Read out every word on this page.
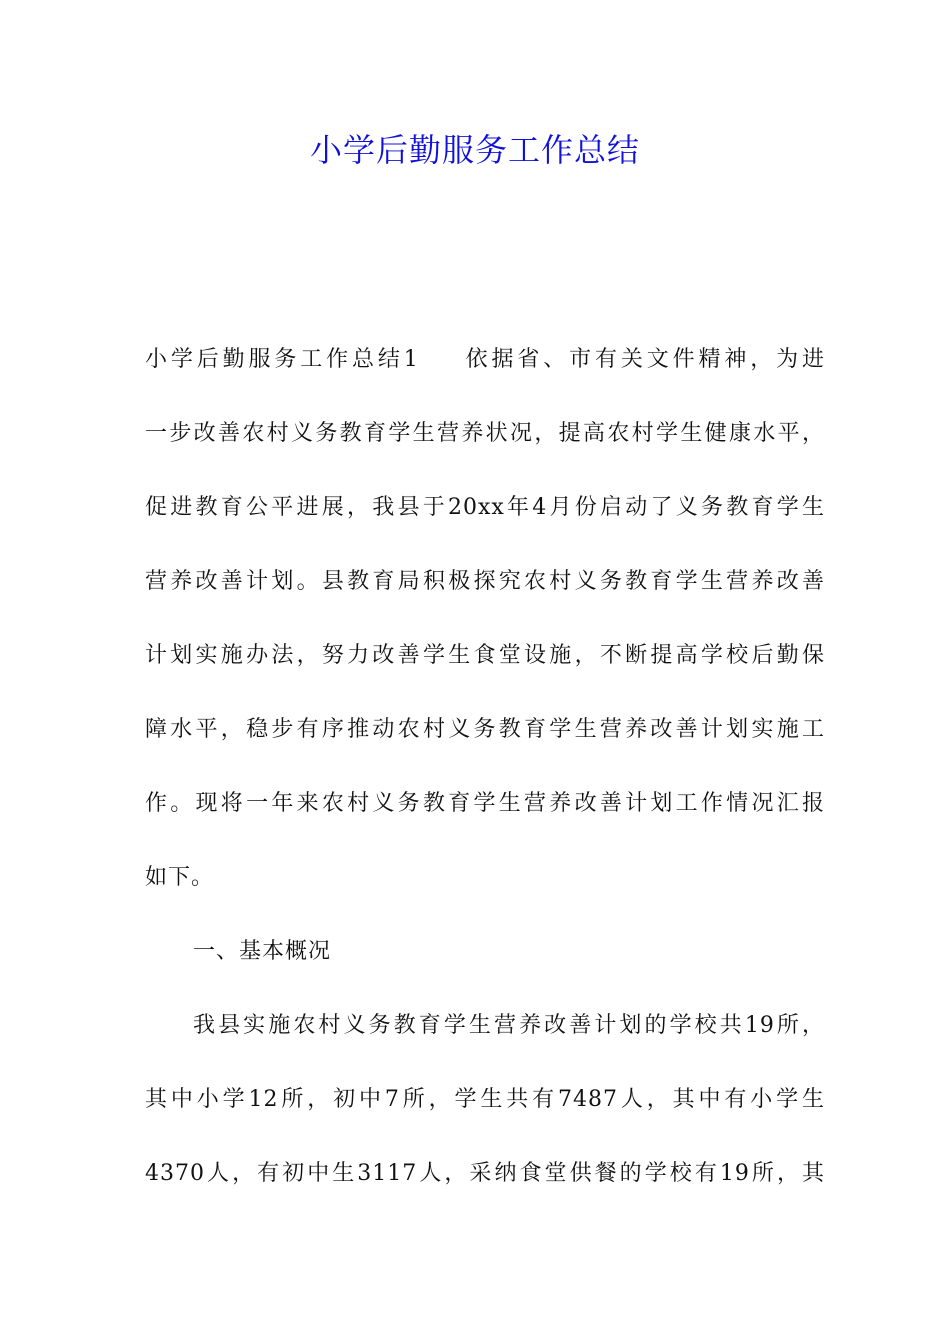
小学后勤服务工作总结
小学后勤服务工作总结1 依据省、市有关文件精神，为进
一步改善农村义务教育学生营养状况，提高农村学生健康水平，
促进教育公平进展，我县于20xx年4月份启动了义务教育学生
营养改善计划。县教育局积极探究农村义务教育学生营养改善
计划实施办法，努力改善学生食堂设施，不断提高学校后勤保
障水平，稳步有序推动农村义务教育学生营养改善计划实施工
作。现将一年来农村义务教育学生营养改善计划工作情况汇报
如下。
一、基本概况
我县实施农村义务教育学生营养改善计划的学校共19所，
其中小学12所，初中7所，学生共有7487人，其中有小学生
4370人，有初中生3117人，采纳食堂供餐的学校有19所，其
